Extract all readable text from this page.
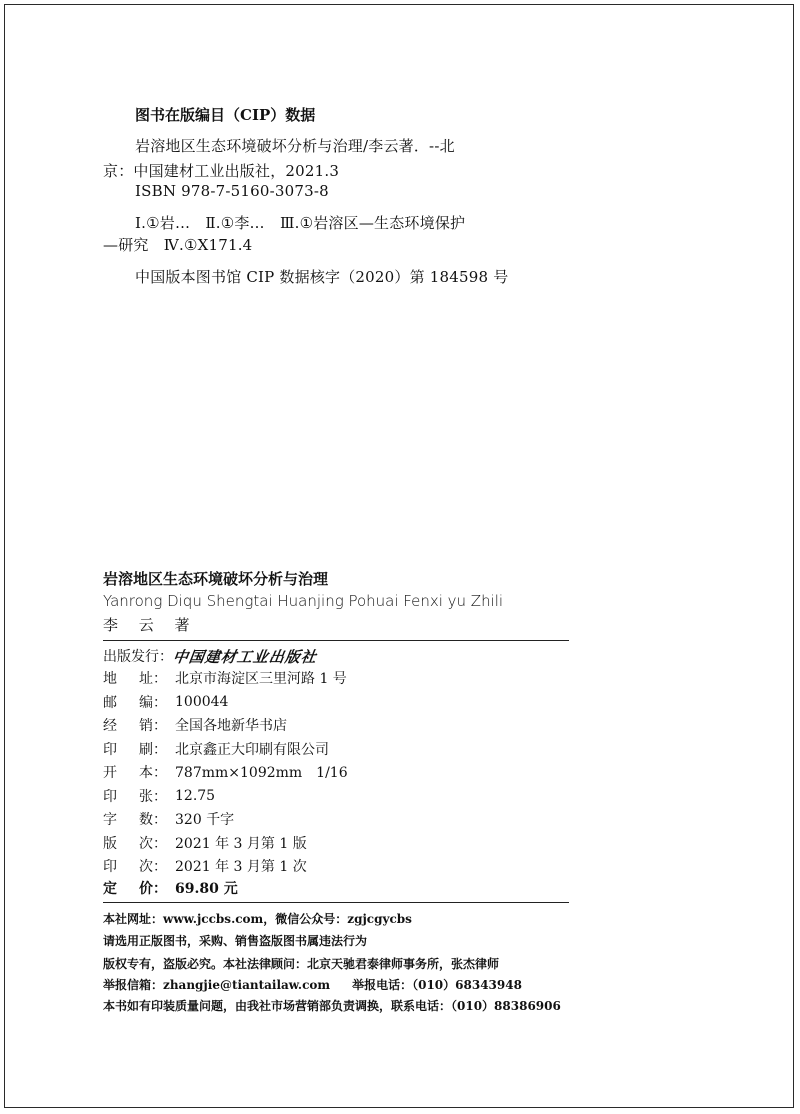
图书在版编目（CIP）数据
岩溶地区生态环境破坏分析与治理/李云著．--北
京：中国建材工业出版社，2021.3
ISBN 978-7-5160-3073-8
Ⅰ.①岩…　Ⅱ.①李…　Ⅲ.①岩溶区—生态环境保护
—研究　Ⅳ.①X171.4
中国版本图书馆 CIP 数据核字（2020）第 184598 号
岩溶地区生态环境破坏分析与治理
Yanrong Diqu Shengtai Huanjing Pohuai Fenxi yu Zhili
李 云 著
出版发行：
中国建材工业出版社
地 址： 北京市海淀区三里河路 1 号
邮 编： 100044
经 销： 全国各地新华书店
印 刷： 北京鑫正大印刷有限公司
开 本： 787mm×1092mm　1/16
印 张： 12.75
字 数： 320 千字
版 次： 2021 年 3 月第 1 版
印 次： 2021 年 3 月第 1 次
定 价： 69.80 元
本社网址：www.jccbs.com，微信公众号：zgjcgycbs
请选用正版图书，采购、销售盗版图书属违法行为
版权专有，盗版必究。本社法律顾问：北京天驰君泰律师事务所，张杰律师
举报信箱：zhangjie@tiantailaw.com 举报电话：（010）68343948
本书如有印装质量问题，由我社市场营销部负责调换，联系电话：（010）88386906
